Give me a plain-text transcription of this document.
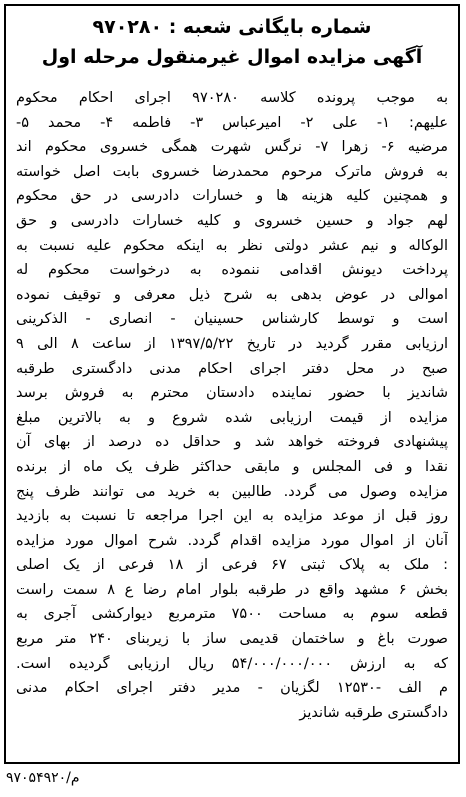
شماره بایگانی شعبه : ۹۷۰۲۸۰
آگهی مزایده اموال غیرمنقول مرحله اول
به موجب پرونده کلاسه ۹۷۰۲۸۰ اجرای احکام محکوم
علیهم: ۱- علی ۲- امیرعباس ۳- فاطمه ۴- محمد ۵-
مرضیه ۶- زهرا ۷- نرگس شهرت همگی خسروی محکوم اند
به فروش ماترک مرحوم محمدرضا خسروی بابت اصل خواسته
و همچنین کلیه هزینه ها و خسارات دادرسی در حق محکوم
لهم جواد و حسین خسروی و کلیه خسارات دادرسی و حق
الوکاله و نیم عشر دولتی نظر به اینکه محکوم علیه نسبت به
پرداخت دیونش اقدامی ننموده به درخواست محکوم له
اموالی در عوض بدهی به شرح ذیل معرفی و توقیف نموده
است و توسط کارشناس حسینیان - انصاری - الذکرینی
ارزیابی مقرر گردید در تاریخ ۱۳۹۷/۵/۲۲ از ساعت ۸ الی ۹
صبح در محل دفتر اجرای احکام مدنی دادگستری طرقبه
شاندیز با حضور نماینده دادستان محترم به فروش برسد
مزایده از قیمت ارزیابی شده شروع و به بالاترین مبلغ
پیشنهادی فروخته خواهد شد و حداقل ده درصد از بهای آن
نقدا و فی المجلس و مابقی حداکثر ظرف یک ماه از برنده
مزایده وصول می گردد. طالبین به خرید می توانند ظرف پنج
روز قبل از موعد مزایده به این اجرا مراجعه تا نسبت به بازدید
آنان از اموال مورد مزایده اقدام گردد. شرح اموال مورد مزایده
: ملک به پلاک ثبتی ۶۷ فرعی از ۱۸ فرعی از یک اصلی
بخش ۶ مشهد واقع در طرقبه بلوار امام رضا ع ۸ سمت راست
قطعه سوم به مساحت ۷۵۰۰ مترمربع دیوارکشی آجری به
صورت باغ و ساختمان قدیمی ساز با زیربنای ۲۴۰ متر مربع
که به ارزش ۵۴/۰۰۰/۰۰۰/۰۰۰ ریال ارزیابی گردیده است.
م الف -۱۲۵۳۰ لگزیان - مدیر دفتر اجرای احکام مدنی
دادگستری طرقبه شاندیز
م/۹۷۰۵۴۹۲۰
